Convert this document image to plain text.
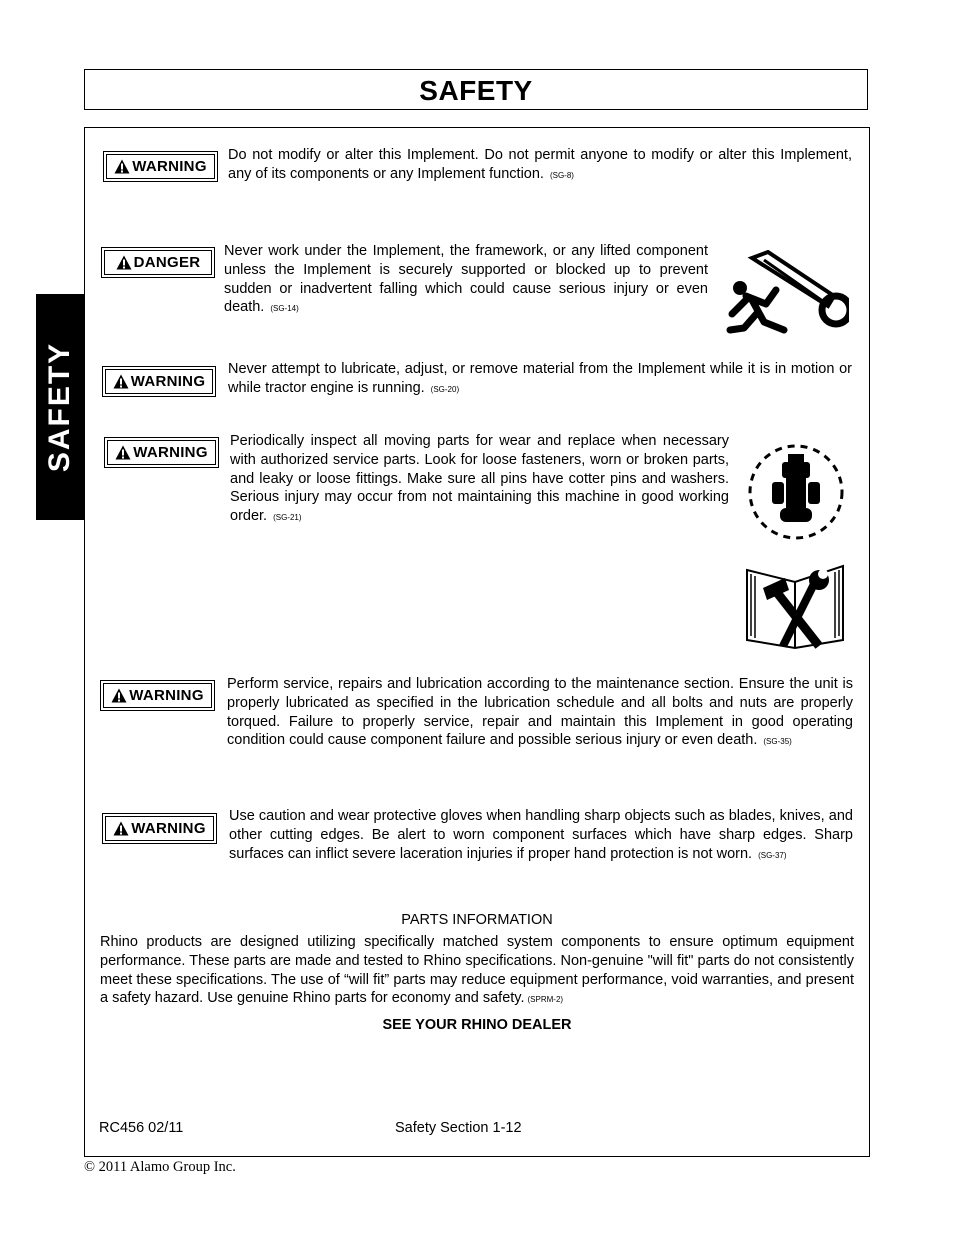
SAFETY
SAFETY
WARNING
Do not modify or alter this Implement. Do not permit anyone to modify or alter this Implement, any of its components or any Implement function. (SG-8)
DANGER
Never work under the Implement, the framework, or any lifted component unless the Implement is securely supported or blocked up to prevent sudden or inadvertent falling which could cause serious injury or even death. (SG-14)
WARNING
Never attempt to lubricate, adjust, or remove material from the Implement while it is in motion or while tractor engine is running. (SG-20)
WARNING
Periodically inspect all moving parts for wear and replace when necessary with authorized service parts. Look for loose fasteners, worn or broken parts, and leaky or loose fittings. Make sure all pins have cotter pins and washers. Serious injury may occur from not maintaining this machine in good working order. (SG-21)
WARNING
Perform service, repairs and lubrication according to the maintenance section. Ensure the unit is properly lubricated as specified in the lubrication schedule and all bolts and nuts are properly torqued. Failure to properly service, repair and maintain this Implement in good operating condition could cause component failure and possible serious injury or even death. (SG-35)
WARNING
Use caution and wear protective gloves when handling sharp objects such as blades, knives, and other cutting edges. Be alert to worn component surfaces which have sharp edges. Sharp surfaces can inflict severe laceration injuries if proper hand protection is not worn. (SG-37)
PARTS INFORMATION
Rhino products are designed utilizing specifically matched system components to ensure optimum equipment performance. These parts are made and tested to Rhino specifications. Non-genuine "will fit" parts do not consistently meet these specifications. The use of “will fit” parts may reduce equipment performance, void warranties, and present a safety hazard. Use genuine Rhino parts for economy and safety. (SPRM-2)
SEE YOUR RHINO DEALER
RC456 02/11	Safety Section 1-12
© 2011 Alamo Group Inc.
